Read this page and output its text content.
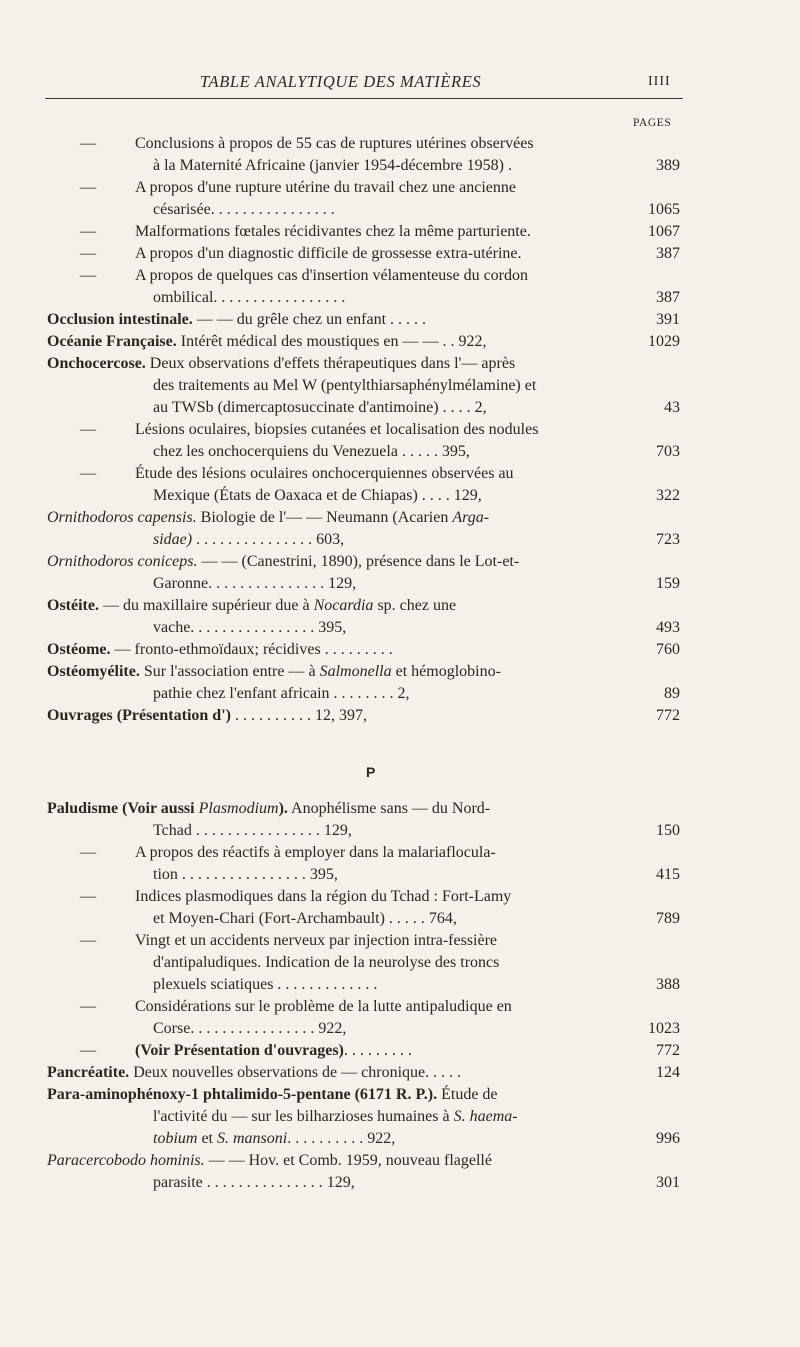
TABLE ANALYTIQUE DES MATIÈRES	IIII
PAGES
P
— Conclusions à propos de 55 cas de ruptures utérines observées
à la Maternité Africaine (janvier 1954-décembre 1958) .	389
— A propos d'une rupture utérine du travail chez une ancienne
césarisée. . . . . . . . . . . . . . . .	1065
— Malformations fœtales récidivantes chez la même parturiente.	1067
— A propos d'un diagnostic difficile de grossesse extra-utérine.	387
— A propos de quelques cas d'insertion vélamenteuse du cordon
ombilical. . . . . . . . . . . . . . . . .	387
Occlusion intestinale. — — du grêle chez un enfant . . . . .	391
Océanie Française. Intérêt médical des moustiques en — — . . 922,	1029
Onchocercose. Deux observations d'effets thérapeutiques dans l'— après
des traitements au Mel W (pentylthiarsaphénylmélamine) et
au TWSb (dimercaptosuccinate d'antimoine) . . . . 2,	43
— Lésions oculaires, biopsies cutanées et localisation des nodules
chez les onchocerquiens du Venezuela . . . . . 395,	703
— Étude des lésions oculaires onchocerquiennes observées au
Mexique (États de Oaxaca et de Chiapas) . . . . 129,	322
Ornithodoros capensis. Biologie de l'— — Neumann (Acarien Arga-
sidae) . . . . . . . . . . . . . . . 603,	723
Ornithodoros coniceps. — — (Canestrini, 1890), présence dans le Lot-et-
Garonne. . . . . . . . . . . . . . . 129,	159
Ostéite. — du maxillaire supérieur due à Nocardia sp. chez une
vache. . . . . . . . . . . . . . . . 395,	493
Ostéome. — fronto-ethmoïdaux; récidives . . . . . . . . .	760
Ostéomyélite. Sur l'association entre — à Salmonella et hémoglobino-
pathie chez l'enfant africain . . . . . . . . 2,	89
Ouvrages (Présentation d') . . . . . . . . . . 12, 397,	772
Paludisme (Voir aussi Plasmodium). Anophélisme sans — du Nord-
Tchad . . . . . . . . . . . . . . . . 129,	150
— A propos des réactifs à employer dans la malariaflocula-
tion . . . . . . . . . . . . . . . . 395,	415
— Indices plasmodiques dans la région du Tchad : Fort-Lamy
et Moyen-Chari (Fort-Archambault) . . . . . 764,	789
— Vingt et un accidents nerveux par injection intra-fessière
d'antipaludiques. Indication de la neurolyse des troncs
plexuels sciatiques . . . . . . . . . . . . .	388
— Considérations sur le problème de la lutte antipaludique en
Corse. . . . . . . . . . . . . . . . 922,	1023
— (Voir Présentation d'ouvrages). . . . . . . . .	772
Pancréatite. Deux nouvelles observations de — chronique. . . . .	124
Para-aminophénoxy-1 phtalimido-5-pentane (6171 R. P.). Étude de
l'activité du — sur les bilharzioses humaines à S. haema-
tobium et S. mansoni. . . . . . . . . . 922,	996
Paracercobodo hominis. — — Hov. et Comb. 1959, nouveau flagellé
parasite . . . . . . . . . . . . . . . 129,	301
